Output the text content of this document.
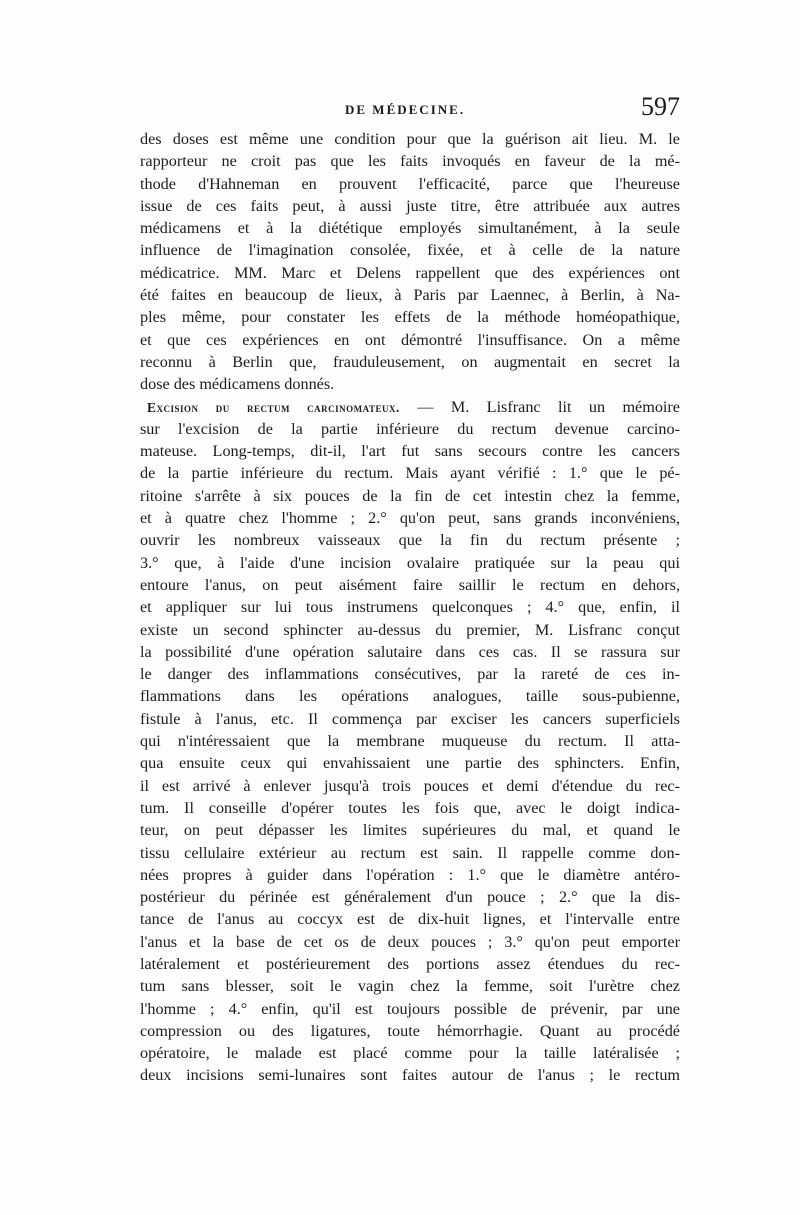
DE MÉDECINE.	597
des doses est même une condition pour que la guérison ait lieu. M. le
rapporteur ne croit pas que les faits invoqués en faveur de la mé-
thode d'Hahneman en prouvent l'efficacité, parce que l'heureuse
issue de ces faits peut, à aussi juste titre, être attribuée aux autres
médicamens et à la diététique employés simultanément, à la seule
influence de l'imagination consolée, fixée, et à celle de la nature
médicatrice. MM. Marc et Delens rappellent que des expériences ont
été faites en beaucoup de lieux, à Paris par Laennec, à Berlin, à Na-
ples même, pour constater les effets de la méthode homéopathique,
et que ces expériences en ont démontré l'insuffisance. On a même
reconnu à Berlin que, frauduleusement, on augmentait en secret la
dose des médicamens donnés.
Excision du rectum carcinomateux. — M. Lisfranc lit un mémoire
sur l'excision de la partie inférieure du rectum devenue carcino-
mateuse. Long-temps, dit-il, l'art fut sans secours contre les cancers
de la partie inférieure du rectum. Mais ayant vérifié : 1.° que le pé-
ritoine s'arrête à six pouces de la fin de cet intestin chez la femme,
et à quatre chez l'homme ; 2.° qu'on peut, sans grands inconvéniens,
ouvrir les nombreux vaisseaux que la fin du rectum présente ;
3.° que, à l'aide d'une incision ovalaire pratiquée sur la peau qui
entoure l'anus, on peut aisément faire saillir le rectum en dehors,
et appliquer sur lui tous instrumens quelconques ; 4.° que, enfin, il
existe un second sphincter au-dessus du premier, M. Lisfranc conçut
la possibilité d'une opération salutaire dans ces cas. Il se rassura sur
le danger des inflammations consécutives, par la rareté de ces in-
flammations dans les opérations analogues, taille sous-pubienne,
fistule à l'anus, etc. Il commença par exciser les cancers superficiels
qui n'intéressaient que la membrane muqueuse du rectum. Il atta-
qua ensuite ceux qui envahissaient une partie des sphincters. Enfin,
il est arrivé à enlever jusqu'à trois pouces et demi d'étendue du rec-
tum. Il conseille d'opérer toutes les fois que, avec le doigt indica-
teur, on peut dépasser les limites supérieures du mal, et quand le
tissu cellulaire extérieur au rectum est sain. Il rappelle comme don-
nées propres à guider dans l'opération : 1.° que le diamètre antéro-
postérieur du périnée est généralement d'un pouce ; 2.° que la dis-
tance de l'anus au coccyx est de dix-huit lignes, et l'intervalle entre
l'anus et la base de cet os de deux pouces ; 3.° qu'on peut emporter
latéralement et postérieurement des portions assez étendues du rec-
tum sans blesser, soit le vagin chez la femme, soit l'urètre chez
l'homme ; 4.° enfin, qu'il est toujours possible de prévenir, par une
compression ou des ligatures, toute hémorrhagie. Quant au procédé
opératoire, le malade est placé comme pour la taille latéralisée ;
deux incisions semi-lunaires sont faites autour de l'anus ; le rectum
